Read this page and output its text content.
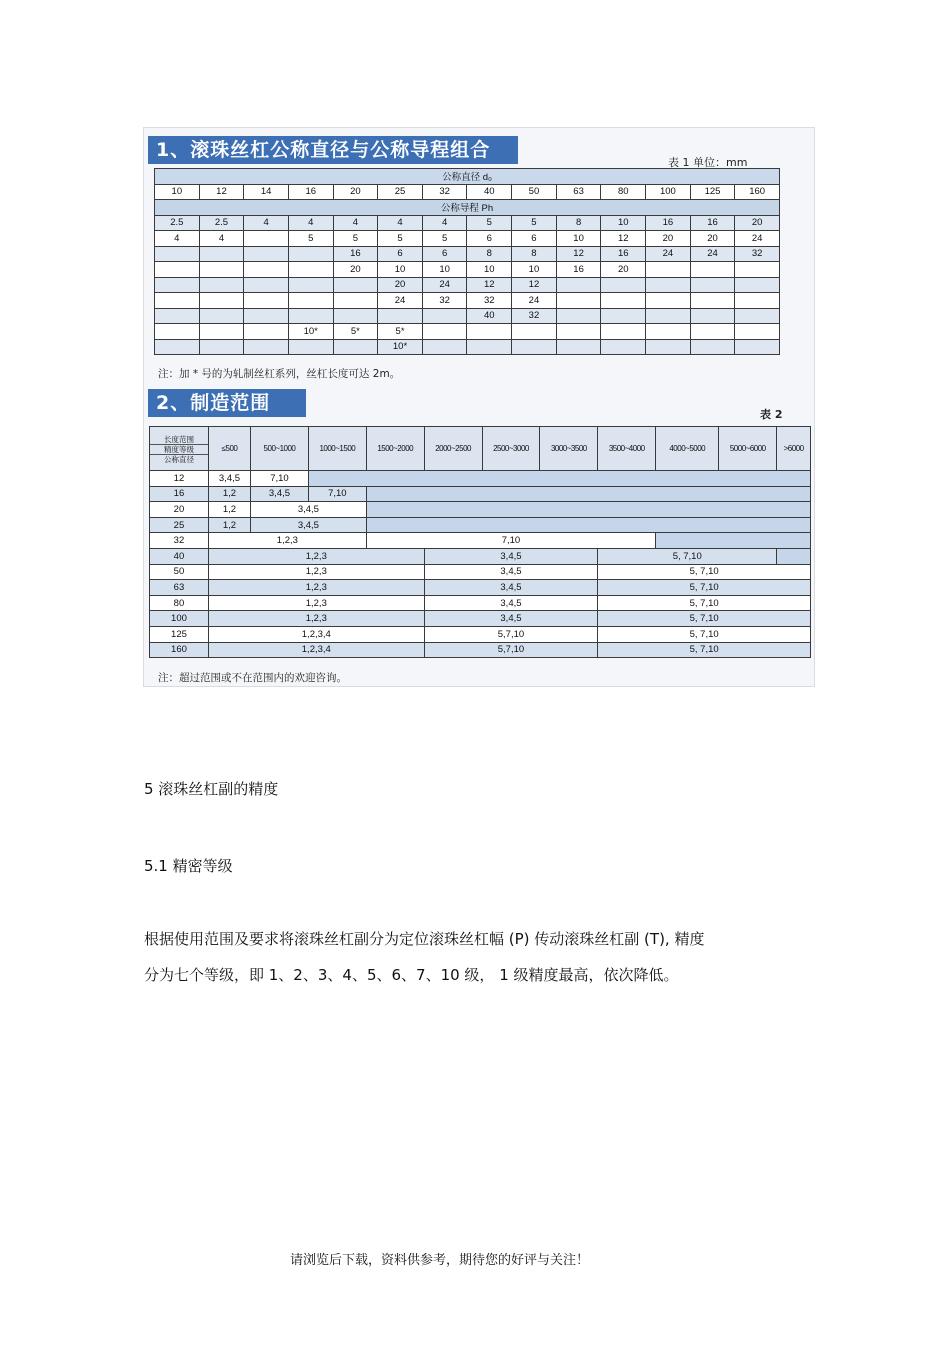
1、滚珠丝杠公称直径与公称导程组合
表 1 单位：mm
公称直径 d₀													
10	12	14	16	20	25	32	40	50	63	80	100	125	160
公称导程 Ph													
2.5	2.5	4	4	4	4	4	5	5	8	10	16	16	20
4	4		5	5	5	5	6	6	10	12	20	20	24
				16	6	6	8	8	12	16	24	24	32
				20	10	10	10	10	16	20			
					20	24	12	12					
					24	32	32	24					
							40	32					
			10*	5*	5*								
					10*								
注：加 * 号的为轧制丝杠系列，丝杠长度可达 2m。
2、制造范围
表 2
长度范围
精度等级
公称直径	≤500	500~1000	1000~1500	1500~2000	2000~2500	2500~3000	3000~3500	3500~4000	4000~5000	5000~6000	>6000
12	3,4,5	7,10									
16	1,2	3,4,5	7,10								
20	1,2	3,4,5									
25	1,2	3,4,5									
32	1,2,3			7,10							
40	1,2,3				3,4,5			5, 7,10			
50	1,2,3				3,4,5			5, 7,10			
63	1,2,3				3,4,5			5, 7,10			
80	1,2,3				3,4,5			5, 7,10			
100	1,2,3				3,4,5			5, 7,10			
125	1,2,3,4				5,7,10			5, 7,10			
160	1,2,3,4				5,7,10			5, 7,10			
注：超过范围或不在范围内的欢迎咨询。
5 滚珠丝杠副的精度
5.1 精密等级
根据使用范围及要求将滚珠丝杠副分为定位滚珠丝杠幅 (P) 传动滚珠丝杠副 (T), 精度
分为七个等级，即 1、2、3、4、5、6、7、10 级， 1 级精度最高，依次降低。
请浏览后下载，资料供参考，期待您的好评与关注！
